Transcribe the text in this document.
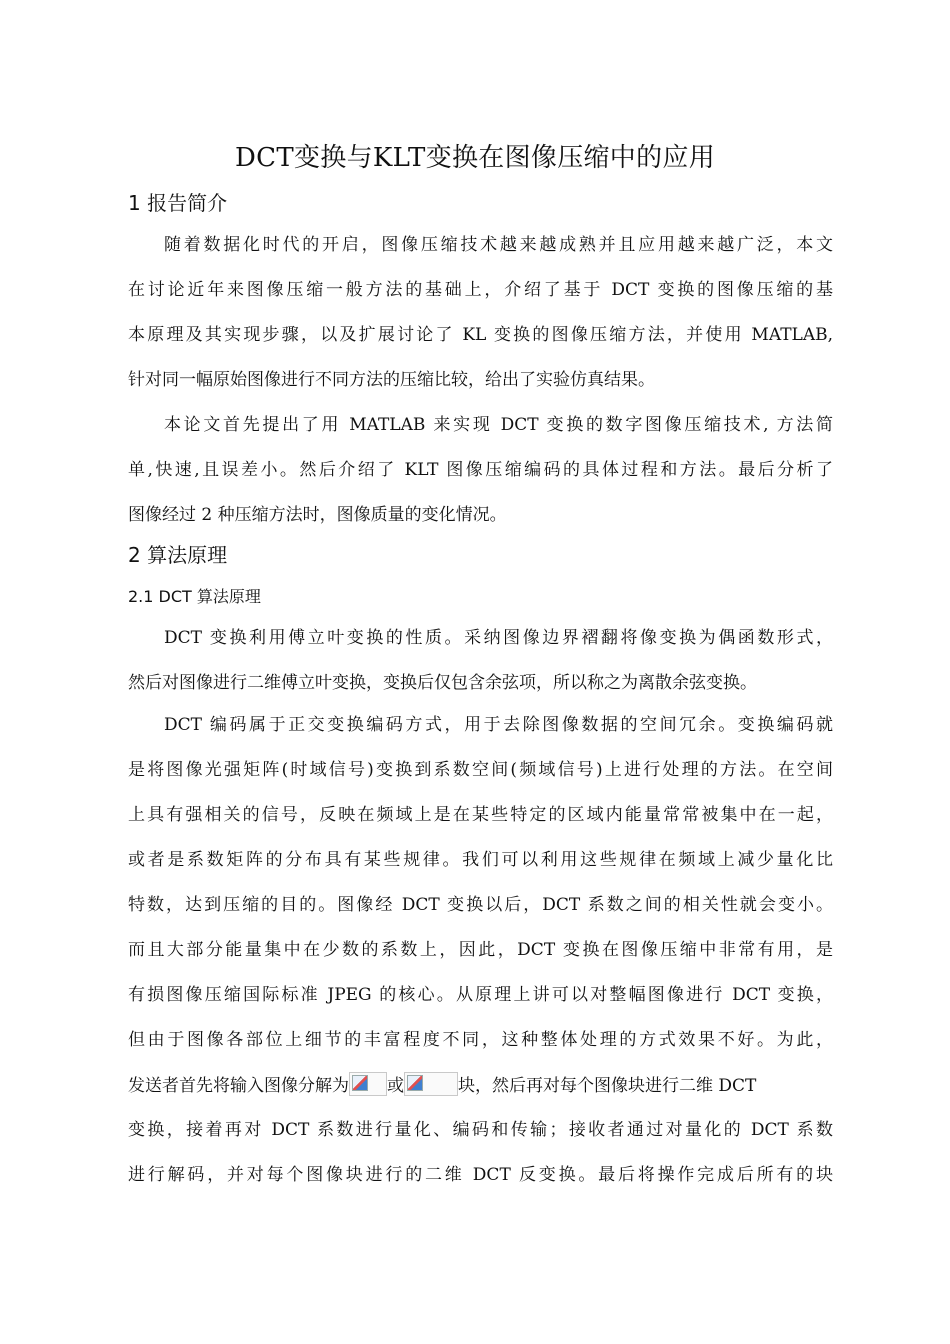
DCT变换与KLT变换在图像压缩中的应用
1 报告简介
随着数据化时代的开启，图像压缩技术越来越成熟并且应用越来越广泛，本文
在讨论近年来图像压缩一般方法的基础上，介绍了基于 DCT 变换的图像压缩的基
本原理及其实现步骤，以及扩展讨论了 KL 变换的图像压缩方法，并使用 MATLAB,
针对同一幅原始图像进行不同方法的压缩比较，给出了实验仿真结果。
本论文首先提出了用 MATLAB 来实现 DCT 变换的数字图像压缩技术, 方法简
单,快速,且误差小。然后介绍了 KLT 图像压缩编码的具体过程和方法。最后分析了
图像经过 2 种压缩方法时，图像质量的变化情况。
2 算法原理
2.1 DCT 算法原理
DCT 变换利用傅立叶变换的性质。采纳图像边界褶翻将像变换为偶函数形式，
然后对图像进行二维傅立叶变换，变换后仅包含余弦项，所以称之为离散余弦变换。
DCT 编码属于正交变换编码方式，用于去除图像数据的空间冗余。变换编码就
是将图像光强矩阵(时域信号)变换到系数空间(频域信号)上进行处理的方法。在空间
上具有强相关的信号，反映在频域上是在某些特定的区域内能量常常被集中在一起，
或者是系数矩阵的分布具有某些规律。我们可以利用这些规律在频域上减少量化比
特数，达到压缩的目的。图像经 DCT 变换以后，DCT 系数之间的相关性就会变小。
而且大部分能量集中在少数的系数上，因此，DCT 变换在图像压缩中非常有用，是
有损图像压缩国际标准 JPEG 的核心。从原理上讲可以对整幅图像进行 DCT 变换，
但由于图像各部位上细节的丰富程度不同，这种整体处理的方式效果不好。为此，
发送者首先将输入图像分解为 或	块，然后再对每个图像块进行二维 DCT
变换，接着再对 DCT 系数进行量化、编码和传输；接收者通过对量化的 DCT 系数
进行解码，并对每个图像块进行的二维 DCT 反变换。最后将操作完成后所有的块
